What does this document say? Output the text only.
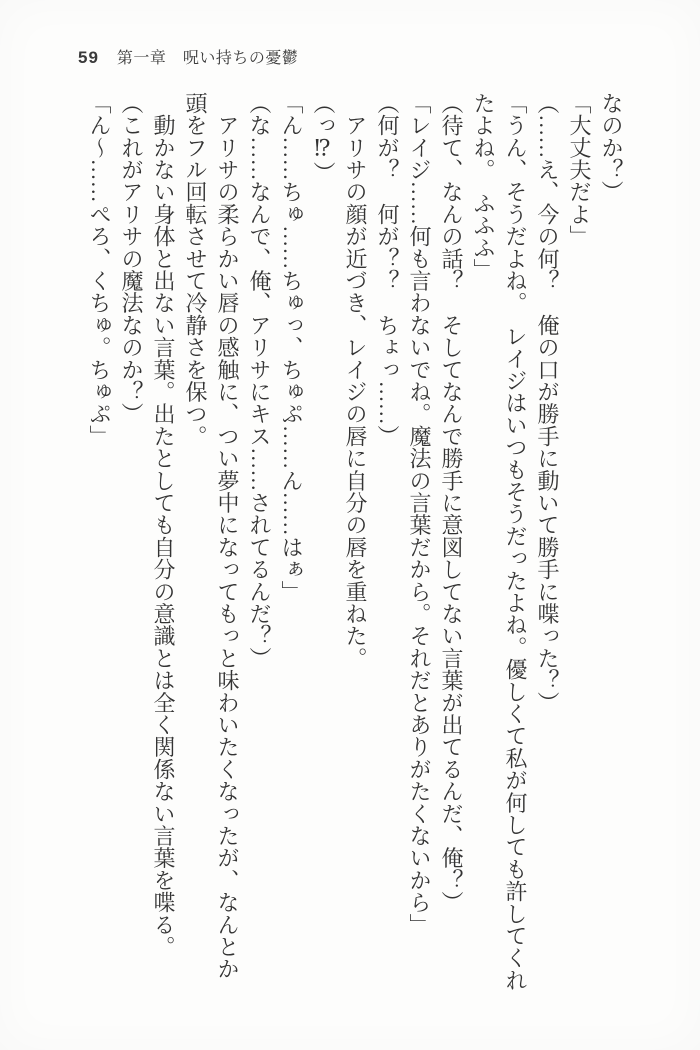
59 第一章　呪い持ちの憂鬱

なのか？）

「大丈夫だよ」

（……え、今の何？　俺の口が勝手に動いて勝手に喋った？）

「うん、そうだよね。　レイジはいつもそうだったよね。優しくて私が何しても許してくれ

たよね。　ふふふ」

（待て、なんの話？　そしてなんで勝手に意図してない言葉が出てるんだ、俺？）

「レイジ……何も言わないでね。魔法の言葉だから。それだとありがたくないから」

（何が？　何が？？　ちょっ……）

　アリサの顔が近づき、レイジの唇に自分の唇を重ねた。

（っ⁉）

「ん……ちゅ……ちゅっ、ちゅぷ……ん……はぁ」

（な……なんで、俺、アリサにキス……されてるんだ？）

　アリサの柔らかい唇の感触に、つい夢中になってもっと味わいたくなったが、なんとか

頭をフル回転させて冷静さを保つ。

　動かない身体と出ない言葉。出たとしても自分の意識とは全く関係ない言葉を喋る。

（これがアリサの魔法なのか？）

「ん〜……ぺろ、くちゅ。ちゅぷ」
